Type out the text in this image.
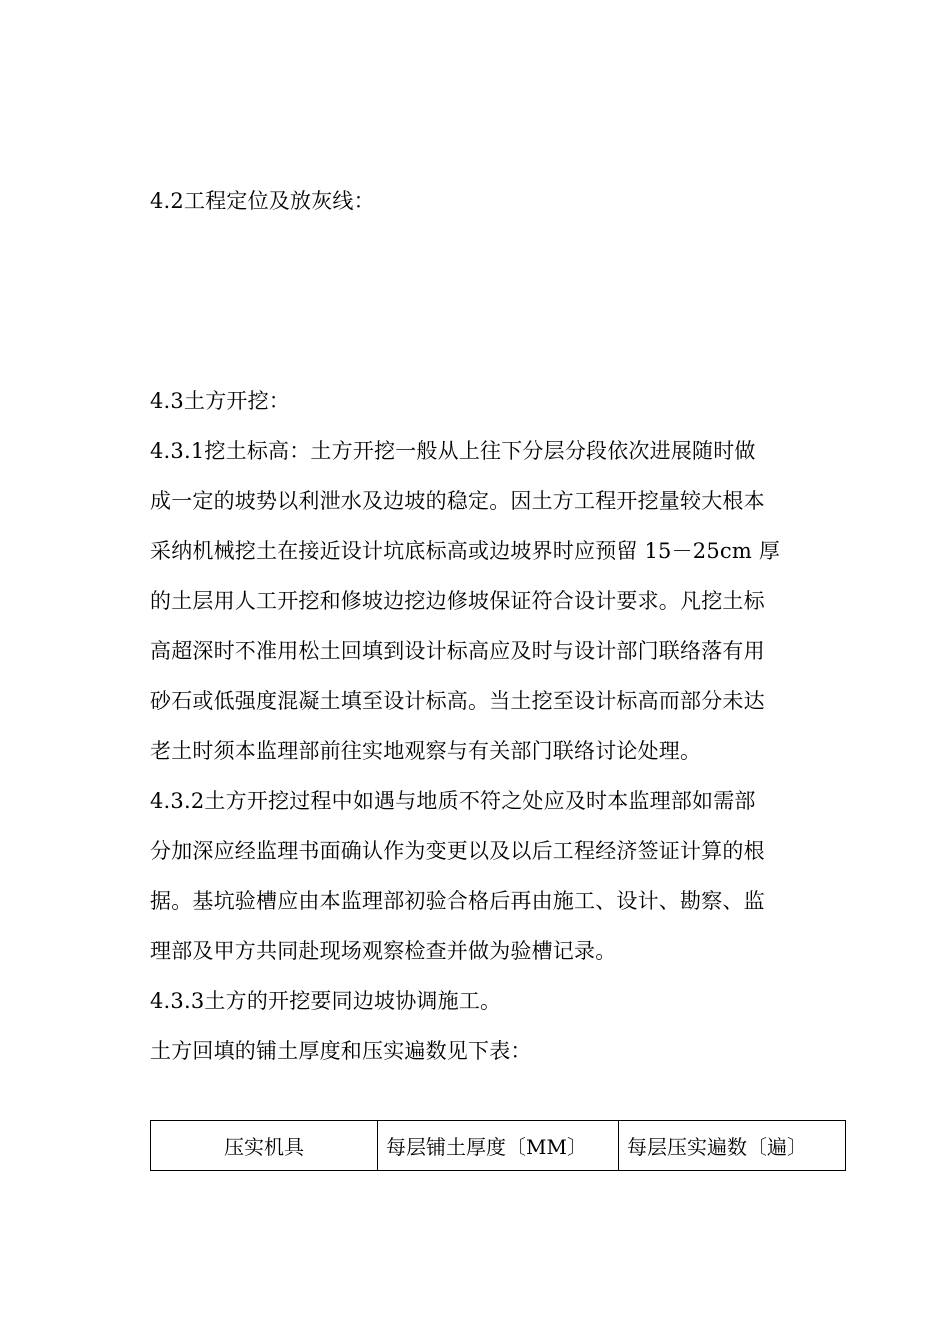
4.2工程定位及放灰线：
4.3土方开挖：
4.3.1挖土标高：土方开挖一般从上往下分层分段依次进展随时做
成一定的坡势以利泄水及边坡的稳定。因土方工程开挖量较大根本
采纳机械挖土在接近设计坑底标高或边坡界时应预留 15－25cm 厚
的土层用人工开挖和修坡边挖边修坡保证符合设计要求。凡挖土标
高超深时不准用松土回填到设计标高应及时与设计部门联络落有用
砂石或低强度混凝土填至设计标高。当土挖至设计标高而部分未达
老土时须本监理部前往实地观察与有关部门联络讨论处理。
4.3.2土方开挖过程中如遇与地质不符之处应及时本监理部如需部
分加深应经监理书面确认作为变更以及以后工程经济签证计算的根
据。基坑验槽应由本监理部初验合格后再由施工、设计、勘察、监
理部及甲方共同赴现场观察检查并做为验槽记录。
4.3.3土方的开挖要同边坡协调施工。
土方回填的铺土厚度和压实遍数见下表：
压实机具	每层铺土厚度〔MM〕	每层压实遍数〔遍〕
